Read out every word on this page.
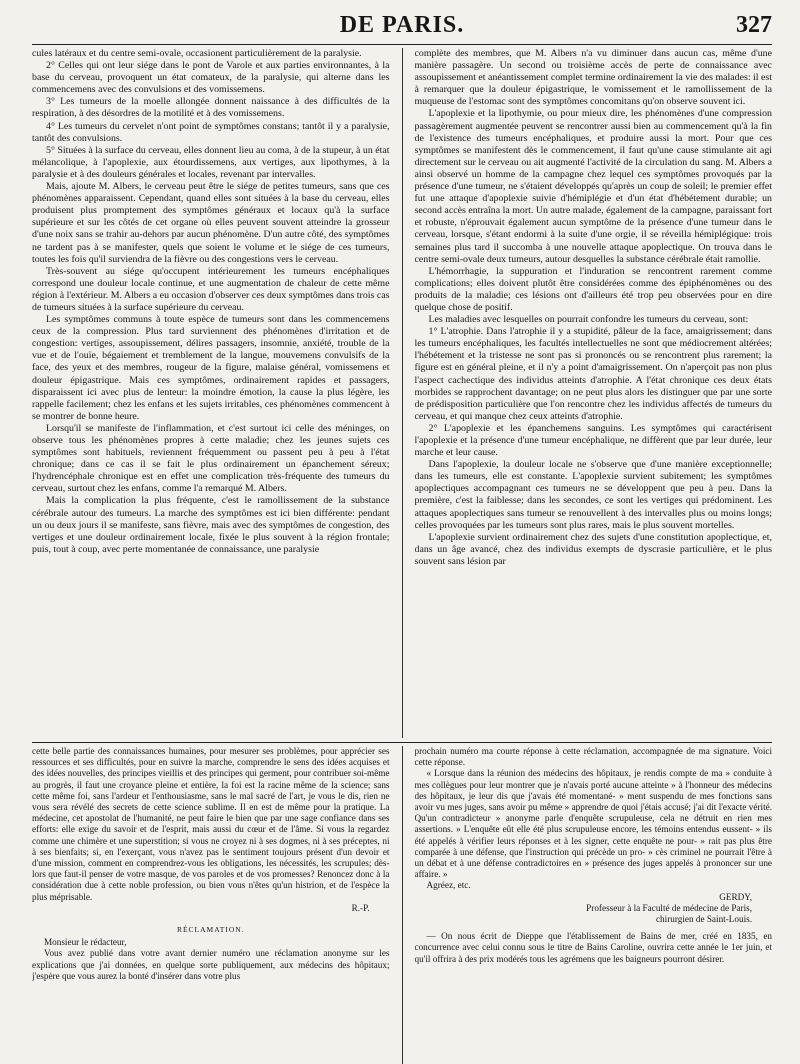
DE PARIS.	327

cules latéraux et du centre semi-ovale, occasionent particulièrement de la paralysie.

2° Celles qui ont leur siége dans le pont de Varole et aux parties environnantes, à la base du cerveau, provoquent un état comateux, de la paralysie, qui alterne dans les commencemens avec des convulsions et des vomissemens.

3° Les tumeurs de la moelle allongée donnent naissance à des difficultés de la respiration, à des désordres de la motilité et à des vomissemens.

4° Les tumeurs du cervelet n'ont point de symptômes constans; tantôt il y a paralysie, tantôt des convulsions.

5° Situées à la surface du cerveau, elles donnent lieu au coma, à de la stupeur, à un état mélancolique, à l'apoplexie, aux étourdissemens, aux vertiges, aux lipothymes, à la paralysie et à des douleurs générales et locales, revenant par intervalles.

Mais, ajoute M. Albers, le cerveau peut être le siége de petites tumeurs, sans que ces phénomènes apparaissent. Cependant, quand elles sont situées à la base du cerveau, elles produisent plus promptement des symptômes généraux et locaux qu'à la surface supérieure et sur les côtés de cet organe où elles peuvent souvent atteindre la grosseur d'une noix sans se trahir au-dehors par aucun phénomène. D'un autre côté, des symptômes ne tardent pas à se manifester, quels que soient le volume et le siége de ces tumeurs, toutes les fois qu'il surviendra de la fièvre ou des congestions vers le cerveau.

Très-souvent au siége qu'occupent intérieurement les tumeurs encéphaliques correspond une douleur locale continue, et une augmentation de chaleur de cette même région à l'extérieur. M. Albers a eu occasion d'observer ces deux symptômes dans trois cas de tumeurs situées à la surface supérieure du cerveau.

Les symptômes communs à toute espèce de tumeurs sont dans les commencemens ceux de la compression. Plus tard surviennent des phénomènes d'irritation et de congestion: vertiges, assoupissement, délires passagers, insomnie, anxiété, trouble de la vue et de l'ouïe, bégaiement et tremblement de la langue, mouvemens convulsifs de la face, des yeux et des membres, rougeur de la figure, malaise général, vomissemens et douleur épigastrique. Mais ces symptômes, ordinairement rapides et passagers, disparaissent ici avec plus de lenteur: la moindre émotion, la cause la plus légère, les rappelle facilement; chez les enfans et les sujets irritables, ces phénomènes commencent à se montrer de bonne heure.

Lorsqu'il se manifeste de l'inflammation, et c'est surtout ici celle des méninges, on observe tous les phénomènes propres à cette maladie; chez les jeunes sujets ces symptômes sont habituels, reviennent fréquemment ou passent peu à peu à l'état chronique; dans ce cas il se fait le plus ordinairement un épanchement séreux; l'hydrencéphale chronique est en effet une complication très-fréquente des tumeurs du cerveau, surtout chez les enfans, comme l'a remarqué M. Albers.

Mais la complication la plus fréquente, c'est le ramollissement de la substance cérébrale autour des tumeurs. La marche des symptômes est ici bien différente: pendant un ou deux jours il se manifeste, sans fièvre, mais avec des symptômes de congestion, des vertiges et une douleur ordinairement locale, fixée le plus souvent à la région frontale; puis, tout à coup, avec perte momentanée de connaissance, une paralysie

complète des membres, que M. Albers n'a vu diminuer dans aucun cas, même d'une manière passagère. Un second ou troisième accès de perte de connaissance avec assoupissement et anéantissement complet termine ordinairement la vie des malades: il est à remarquer que la douleur épigastrique, le vomissement et le ramollissement de la muqueuse de l'estomac sont des symptômes concomitans qu'on observe souvent ici.

L'apoplexie et la lipothymie, ou pour mieux dire, les phénomènes d'une compression passagèrement augmentée peuvent se rencontrer aussi bien au commencement qu'à la fin de l'existence des tumeurs encéphaliques, et produire aussi la mort. Pour que ces symptômes se manifestent dès le commencement, il faut qu'une cause stimulante ait agi directement sur le cerveau ou ait augmenté l'activité de la circulation du sang. M. Albers a ainsi observé un homme de la campagne chez lequel ces symptômes provoqués par la présence d'une tumeur, ne s'étaient développés qu'après un coup de soleil; le premier effet fut une attaque d'apoplexie suivie d'hémiplégie et d'un état d'hébétement durable; un second accès entraîna la mort. Un autre malade, également de la campagne, paraissant fort et robuste, n'éprouvait également aucun symptôme de la présence d'une tumeur dans le cerveau, lorsque, s'étant endormi à la suite d'une orgie, il se réveilla hémiplégique: trois semaines plus tard il succomba à une nouvelle attaque apoplectique. On trouva dans le centre semi-ovale deux tumeurs, autour desquelles la substance cérébrale était ramollie.

L'hémorrhagie, la suppuration et l'induration se rencontrent rarement comme complications; elles doivent plutôt être considérées comme des épiphénomènes ou des produits de la maladie; ces lésions ont d'ailleurs été trop peu observées pour en dire quelque chose de positif.

Les maladies avec lesquelles on pourrait confondre les tumeurs du cerveau, sont:

1° L'atrophie. Dans l'atrophie il y a stupidité, pâleur de la face, amaigrissement; dans les tumeurs encéphaliques, les facultés intellectuelles ne sont que médiocrement altérées; l'hébétement et la tristesse ne sont pas si prononcés ou se rencontrent plus rarement; la figure est en général pleine, et il n'y a point d'amaigrissement. On n'aperçoit pas non plus l'aspect cachectique des individus atteints d'atrophie. A l'état chronique ces deux états morbides se rapprochent davantage; on ne peut plus alors les distinguer que par une sorte de prédisposition particulière que l'on rencontre chez les individus affectés de tumeurs du cerveau, et qui manque chez ceux atteints d'atrophie.

2° L'apoplexie et les épanchemens sanguins. Les symptômes qui caractérisent l'apoplexie et la présence d'une tumeur encéphalique, ne diffèrent que par leur durée, leur marche et leur cause.

Dans l'apoplexie, la douleur locale ne s'observe que d'une manière exceptionnelle; dans les tumeurs, elle est constante. L'apoplexie survient subitement; les symptômes apoplectiques accompagnant ces tumeurs ne se développent que peu à peu. Dans la première, c'est la faiblesse; dans les secondes, ce sont les vertiges qui prédominent. Les attaques apoplectiques sans tumeur se renouvellent à des intervalles plus ou moins longs; celles provoquées par les tumeurs sont plus rares, mais le plus souvent mortelles.

L'apoplexie survient ordinairement chez des sujets d'une constitution apoplectique, et, dans un âge avancé, chez des individus exempts de dyscrasie particulière, et le plus souvent sans lésion par

cette belle partie des connaissances humaines, pour mesurer ses problèmes, pour apprécier ses ressources et ses difficultés, pour en suivre la marche, comprendre le sens des idées acquises et des idées nouvelles, des principes vieillis et des principes qui germent, pour contribuer soi-même au progrès, il faut une croyance pleine et entière, la foi est la racine même de la science; sans cette même foi, sans l'ardeur et l'enthousiasme, sans le mal sacré de l'art, je vous le dis, rien ne vous sera révélé des secrets de cette science sublime. Il en est de même pour la pratique. La médecine, cet apostolat de l'humanité, ne peut faire le bien que par une sage confiance dans ses efforts: elle exige du savoir et de l'esprit, mais aussi du cœur et de l'âme. Si vous la regardez comme une chimère et une superstition; si vous ne croyez ni à ses dogmes, ni à ses préceptes, ni à ses bienfaits; si, en l'exerçant, vous n'avez pas le sentiment toujours présent d'un devoir et d'une mission, comment en comprendrez-vous les obligations, les nécessités, les scrupules; dès-lors que faut-il penser de votre masque, de vos paroles et de vos promesses? Renoncez donc à la considération due à cette noble profession, ou bien vous n'êtes qu'un histrion, et de l'espèce la plus méprisable.

R.-P.
RÉCLAMATION.

Monsieur le rédacteur,

Vous avez publié dans votre avant dernier numéro une réclamation anonyme sur les explications que j'ai données, en quelque sorte publiquement, aux médecins des hôpitaux; j'espère que vous aurez la bonté d'insérer dans votre plus

prochain numéro ma courte réponse à cette réclamation, accompagnée de ma signature. Voici cette réponse.

« Lorsque dans la réunion des médecins des hôpitaux, je rendis compte de ma » conduite à mes collègues pour leur montrer que je n'avais porté aucune atteinte » à l'honneur des médecins des hôpitaux, je leur dis que j'avais été momentané- » ment suspendu de mes fonctions sans avoir vu mes juges, sans avoir pu même » apprendre de quoi j'étais accusé; j'ai dit l'exacte vérité. Qu'un contradicteur » anonyme parle d'enquête scrupuleuse, cela ne détruit en rien mes assertions. » L'enquête eût elle été plus scrupuleuse encore, les témoins entendus eussent- » ils été appelés à vérifier leurs réponses et à les signer, cette enquête ne pour- » rait pas plus être comparée à une défense, que l'instruction qui précède un pro- » cès criminel ne pourrait l'être à un débat et à une défense contradictoires en » présence des juges appelés à prononcer sur une affaire. »

Agréez, etc.

GERDY,
Professeur à la Faculté de médecine de Paris,
chirurgien de Saint-Louis.

— On nous écrit de Dieppe que l'établissement de Bains de mer, créé en 1835, en concurrence avec celui connu sous le titre de Bains Caroline, ouvrira cette année le 1er juin, et qu'il offrira à des prix modérés tous les agrémens que les baigneurs pourront désirer.
